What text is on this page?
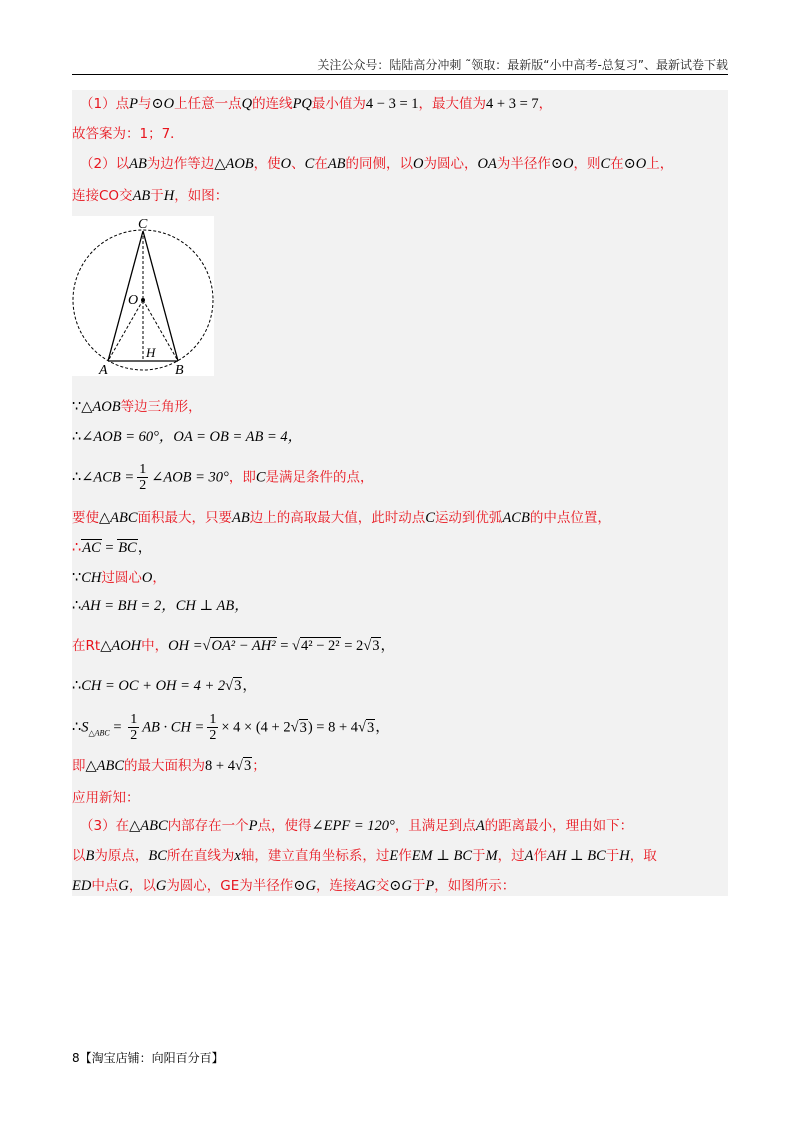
关注公众号：陆陆高分冲刺 ˜领取：最新版“小中高考-总复习”、最新试卷下载
（1）点P与⊙O上任意一点Q的连线PQ最小值为4 − 3 = 1，最大值为4 + 3 = 7，
故答案为：1；7．
（2）以AB为边作等边△AOB，使O、C在AB的同侧，以O为圆心，OA为半径作⊙O，则C在⊙O上，
连接CO交AB于H，如图：
C
O
H
A	B
∵△AOB等边三角形，
∴∠AOB = 60°，OA = OB = AB = 4，
∴∠ACB = $\frac{1}{2}$ ∠AOB = 30°，即C是满足条件的点，
要使△ABC面积最大，只要AB边上的高取最大值，此时动点C运动到优弧ACB的中点位置，
∴AC = BC，
∵CH过圆心O，
∴AH = BH = 2，CH ⊥ AB，
在Rt△AOH中，OH =√OA² − AH² = √4² − 2² = 2√3，
∴CH = OC + OH = 4 + 2√3，
$\therefore S_{\triangle ABC} = \frac{1}{2}$ AB · CH = $\frac{1}{2} \times 4 \times (4 + 2√3) = 8 + 4√3$，
即△ABC的最大面积为8 + 4√3；
应用新知：
（3）在△ABC内部存在一个P点，使得∠EPF = 120°，且满足到点A的距离最小，理由如下：
以B为原点，BC所在直线为x轴，建立直角坐标系，过E作EM ⊥ BC于M，过A作AH ⊥ BC于H，取
ED中点G，以G为圆心，GE为半径作⊙G，连接AG交⊙G于P，如图所示：
8【淘宝店铺：向阳百分百】
